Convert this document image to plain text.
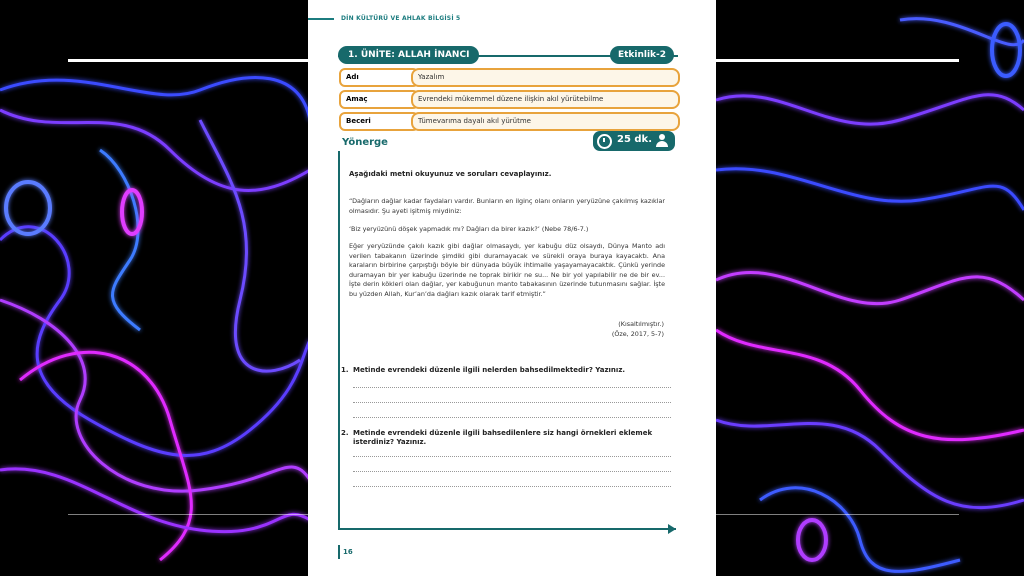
DİN KÜLTÜRÜ VE AHLAK BİLGİSİ 5
1. ÜNİTE: ALLAH İNANCI	Etkinlik-2
Adı	Yazalım
Amaç	Evrendeki mükemmel düzene ilişkin akıl yürütebilme
Beceri	Tümevarıma dayalı akıl yürütme
Yönerge	25 dk.
Aşağıdaki metni okuyunuz ve soruları cevaplayınız.
“Dağların dağlar kadar faydaları vardır. Bunların en ilginç olanı onların yeryüzüne çakılmış kazıklar olmasıdır. Şu ayeti işitmiş miydiniz:
‘Biz yeryüzünü döşek yapmadık mı? Dağları da birer kazık?’ (Nebe 78/6-7.)
Eğer yeryüzünde çakılı kazık gibi dağlar olmasaydı, yer kabuğu düz olsaydı, Dünya Manto adı verilen tabakanın üzerinde şimdiki gibi duramayacak ve sürekli oraya buraya kayacaktı. Ana karaların birbirine çarpıştığı böyle bir dünyada büyük ihtimalle yaşayamayacaktık. Çünkü yerinde duramayan bir yer kabuğu üzerinde ne toprak birikir ne su... Ne bir yol yapılabilir ne de bir ev... İşte derin kökleri olan dağlar, yer kabuğunun manto tabakasının üzerinde tutunmasını sağlar. İşte bu yüzden Allah, Kur’an’da dağları kazık olarak tarif etmiştir.”
(Kısaltılmıştır.)
(Öze, 2017, 5-7)
1. Metinde evrendeki düzenle ilgili nelerden bahsedilmektedir? Yazınız.
2. Metinde evrendeki düzenle ilgili bahsedilenlere siz hangi örnekleri eklemek isterdiniz? Yazınız.
16
